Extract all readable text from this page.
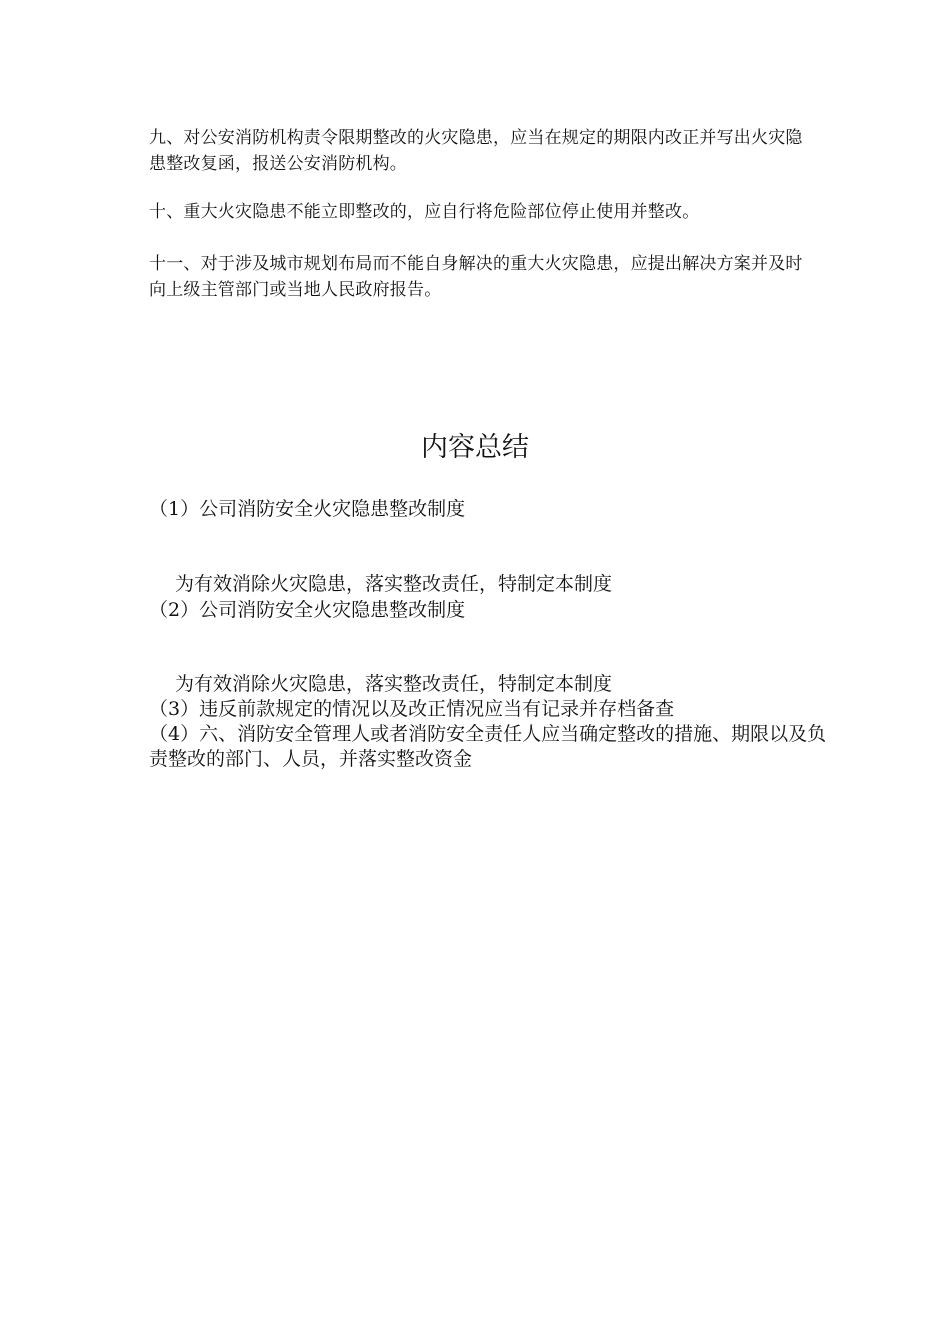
九、对公安消防机构责令限期整改的火灾隐患，应当在规定的期限内改正并写出火灾隐患整改复函，报送公安消防机构。

十、重大火灾隐患不能立即整改的，应自行将危险部位停止使用并整改。

十一、对于涉及城市规划布局而不能自身解决的重大火灾隐患，应提出解决方案并及时向上级主管部门或当地人民政府报告。

内容总结

（1）公司消防安全火灾隐患整改制度

为有效消除火灾隐患，落实整改责任，特制定本制度

（2）公司消防安全火灾隐患整改制度

为有效消除火灾隐患，落实整改责任，特制定本制度

（3）违反前款规定的情况以及改正情况应当有记录并存档备查

（4）六、消防安全管理人或者消防安全责任人应当确定整改的措施、期限以及负责整改的部门、人员，并落实整改资金
